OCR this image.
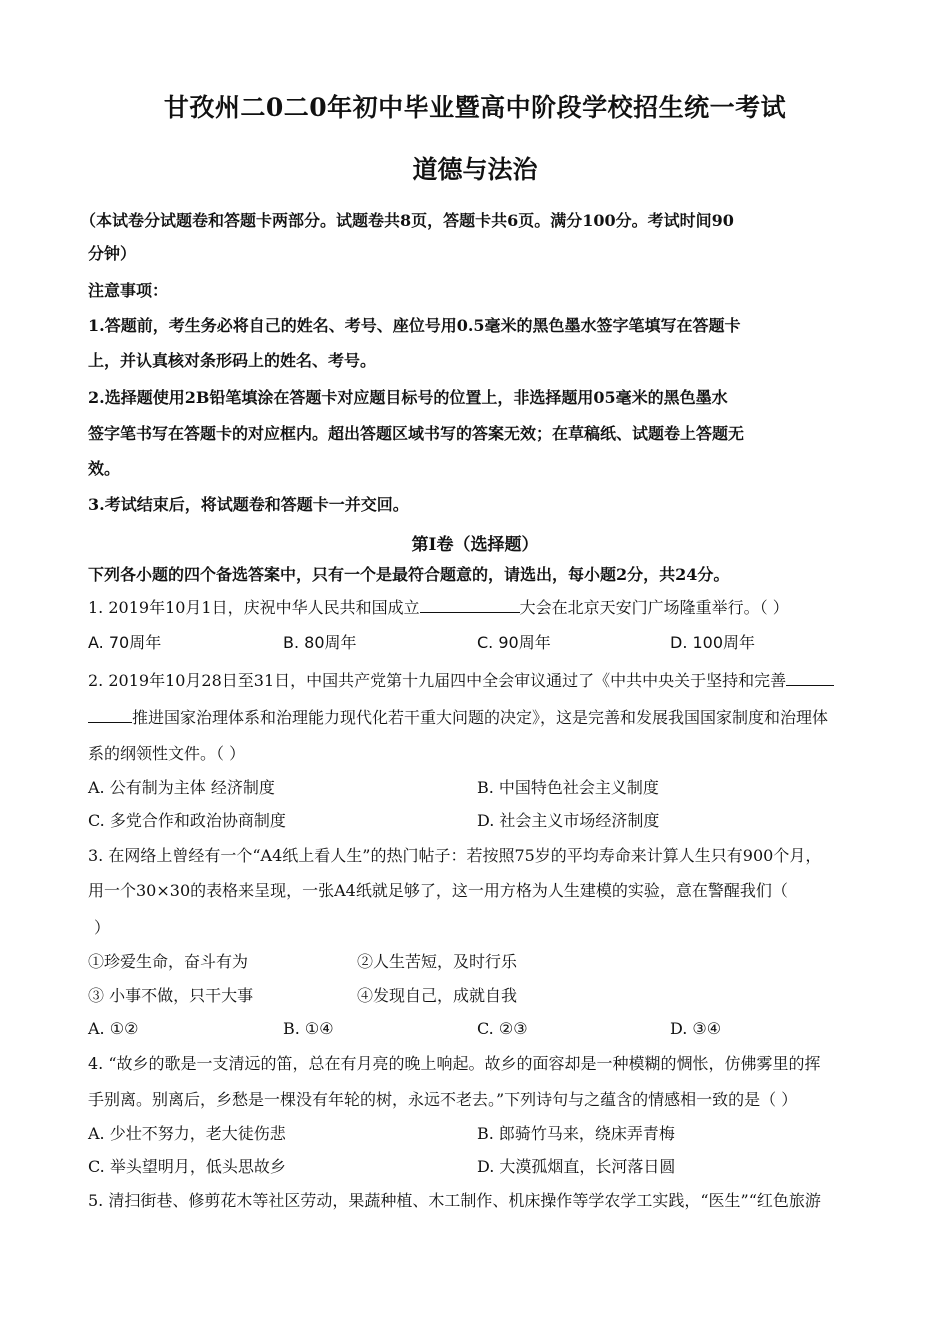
甘孜州二0二0年初中毕业暨高中阶段学校招生统一考试
道德与法治
（本试卷分试题卷和答题卡两部分。试题卷共8页，答题卡共6页。满分100分。考试时间90
分钟）
注意事项：
1.答题前，考生务必将自己的姓名、考号、座位号用0.5毫米的黑色墨水签字笔填写在答题卡
上，并认真核对条形码上的姓名、考号。
2.选择题使用2B铅笔填涂在答题卡对应题目标号的位置上，非选择题用05毫米的黑色墨水
签字笔书写在答题卡的对应框内。超出答题区域书写的答案无效；在草稿纸、试题卷上答题无
效。
3.考试结束后，将试题卷和答题卡一并交回。
第Ⅰ卷（选择题）
下列各小题的四个备选答案中，只有一个是最符合题意的，请选出，每小题2分，共24分。
1. 2019年10月1日，庆祝中华人民共和国成立	大会在北京天安门广场隆重举行。（ ）
A. 70周年	B. 80周年	C. 90周年	D. 100周年
2. 2019年10月28日至31日，中国共产党第十九届四中全会审议通过了《中共中央关于坚持和完善
推进国家治理体系和治理能力现代化若干重大问题的决定》，这是完善和发展我国国家制度和治理体
系的纲领性文件。（ ）
A. 公有制为主体 经济制度	B. 中国特色社会主义制度
C. 多党合作和政治协商制度	D. 社会主义市场经济制度
3. 在网络上曾经有一个“A4纸上看人生”的热门帖子：若按照75岁的平均寿命来计算人生只有900个月，
用一个30×30的表格来呈现，一张A4纸就足够了，这一用方格为人生建模的实验，意在警醒我们（
）
①珍爱生命，奋斗有为	②人生苦短，及时行乐
③ 小事不做，只干大事	④发现自己，成就自我
A. ①②	B. ①④	C. ②③	D. ③④
4. “故乡的歌是一支清远的笛，总在有月亮的晚上响起。故乡的面容却是一种模糊的惆怅，仿佛雾里的挥
手别离。别离后，乡愁是一棵没有年轮的树，永远不老去。”下列诗句与之蕴含的情感相一致的是（ ）
A. 少壮不努力，老大徒伤悲	B. 郎骑竹马来，绕床弄青梅
C. 举头望明月，低头思故乡	D. 大漠孤烟直，长河落日圆
5. 清扫街巷、修剪花木等社区劳动，果蔬种植、木工制作、机床操作等学农学工实践，“医生”“红色旅游
